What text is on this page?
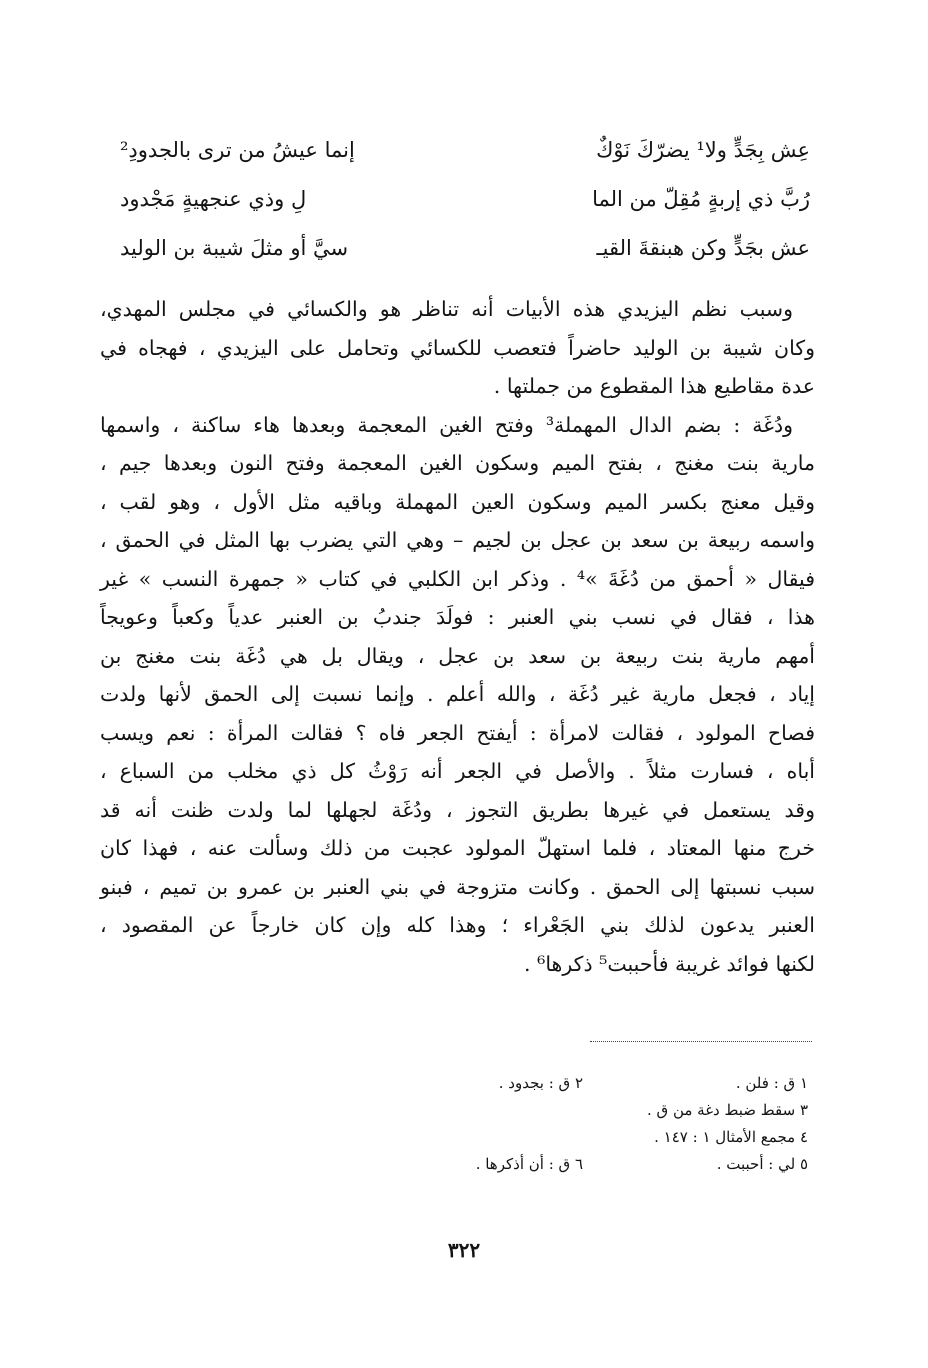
عِش بِجَدٍّ ولا¹ يضرّكَ نَوْكٌ
إنما عيشُ من ترى بالجدودِ²
رُبَّ ذي إربةٍ مُقِلّ من الما
لِ وذي عنجهيةٍ مَجْدود
عش بجَدٍّ وكن هبنقةَ القيـ
سيَّ أو مثلَ شيبة بن الوليد

وسبب نظم اليزيدي هذه الأبيات أنه تناظر هو والكسائي في مجلس المهدي،
وكان شيبة بن الوليد حاضراً فتعصب للكسائي وتحامل على اليزيدي ، فهجاه في
عدة مقاطيع هذا المقطوع من جملتها .

ودُغَة : بضم الدال المهملة³ وفتح الغين المعجمة وبعدها هاء ساكنة ، واسمها
مارية بنت مغنج ، بفتح الميم وسكون الغين المعجمة وفتح النون وبعدها جيم ،
وقيل معنج بكسر الميم وسكون العين المهملة وباقيه مثل الأول ، وهو لقب ،
واسمه ربيعة بن سعد بن عجل بن لجيم – وهي التي يضرب بها المثل في الحمق ،
فيقال « أحمق من دُغَةَ »⁴ . وذكر ابن الكلبي في كتاب « جمهرة النسب » غير
هذا ، فقال في نسب بني العنبر : فولَدَ جندبُ بن العنبر عدياً وكعباً وعويجاً
أمهم مارية بنت ربيعة بن سعد بن عجل ، ويقال بل هي دُغَة بنت مغنج بن
إياد ، فجعل مارية غير دُغَة ، والله أعلم . وإنما نسبت إلى الحمق لأنها ولدت
فصاح المولود ، فقالت لامرأة : أيفتح الجعر فاه ؟ فقالت المرأة : نعم ويسب
أباه ، فسارت مثلاً . والأصل في الجعر أنه رَوْثُ كل ذي مخلب من السباع ،
وقد يستعمل في غيرها بطريق التجوز ، ودُغَة لجهلها لما ولدت ظنت أنه قد
خرج منها المعتاد ، فلما استهلّ المولود عجبت من ذلك وسألت عنه ، فهذا كان
سبب نسبتها إلى الحمق . وكانت متزوجة في بني العنبر بن عمرو بن تميم ، فبنو
العنبر يدعون لذلك بني الجَعْراء ؛ وهذا كله وإن كان خارجاً عن المقصود ،
لكنها فوائد غريبة فأحببت⁵ ذكرها⁶ .

١ ق : فلن .
٢ ق : بجدود .
٣ سقط ضبط دغة من ق .
٤ مجمع الأمثال ١ : ١٤٧ .
٥ لي : أحببت .
٦ ق : أن أذكرها .
٣٢٢
